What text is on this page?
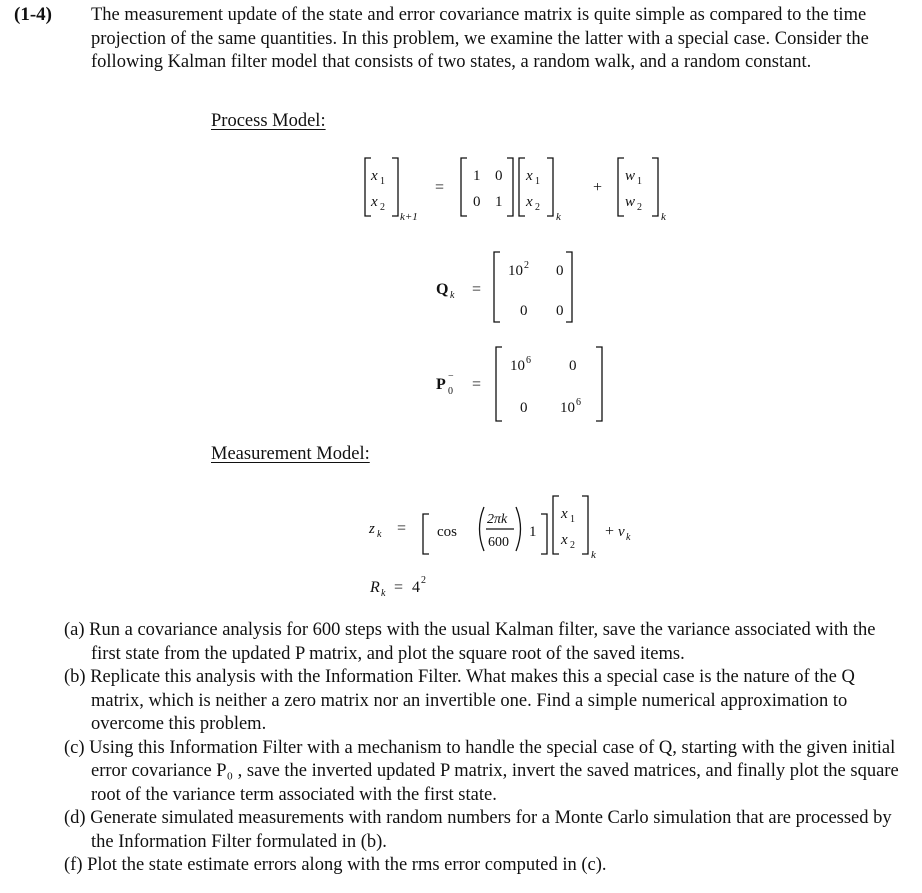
(1-4) The measurement update of the state and error covariance matrix is quite simple as compared to the time projection of the same quantities. In this problem, we examine the latter with a special case. Consider the following Kalman filter model that consists of two states, a random walk, and a random constant.
Process Model:
x 1
x 2
k+1
=
1 0
0 1
x 1
x 2
k
+
w 1
w 2
k
Q k =
10 2 0
0 0
P 0
− =
10 6	0
0 10 6
Measurement Model:
z k = cos
2πk
600
1
x 1
x 2
k
+ v k
R k = 4 2

(a) Run a covariance analysis for 600 steps with the usual Kalman filter, save the variance associated with the first state from the updated P matrix, and plot the square root of the saved items.

(b) Replicate this analysis with the Information Filter. What makes this a special case is the nature of the Q matrix, which is neither a zero matrix nor an invertible one. Find a simple numerical approximation to overcome this problem.

(c) Using this Information Filter with a mechanism to handle the special case of Q, starting with the given initial error covariance P₀ , save the inverted updated P matrix, invert the saved matrices, and finally plot the square root of the variance term associated with the first state.

(d) Generate simulated measurements with random numbers for a Monte Carlo simulation that are processed by the Information Filter formulated in (b).

(f) Plot the state estimate errors along with the rms error computed in (c).
